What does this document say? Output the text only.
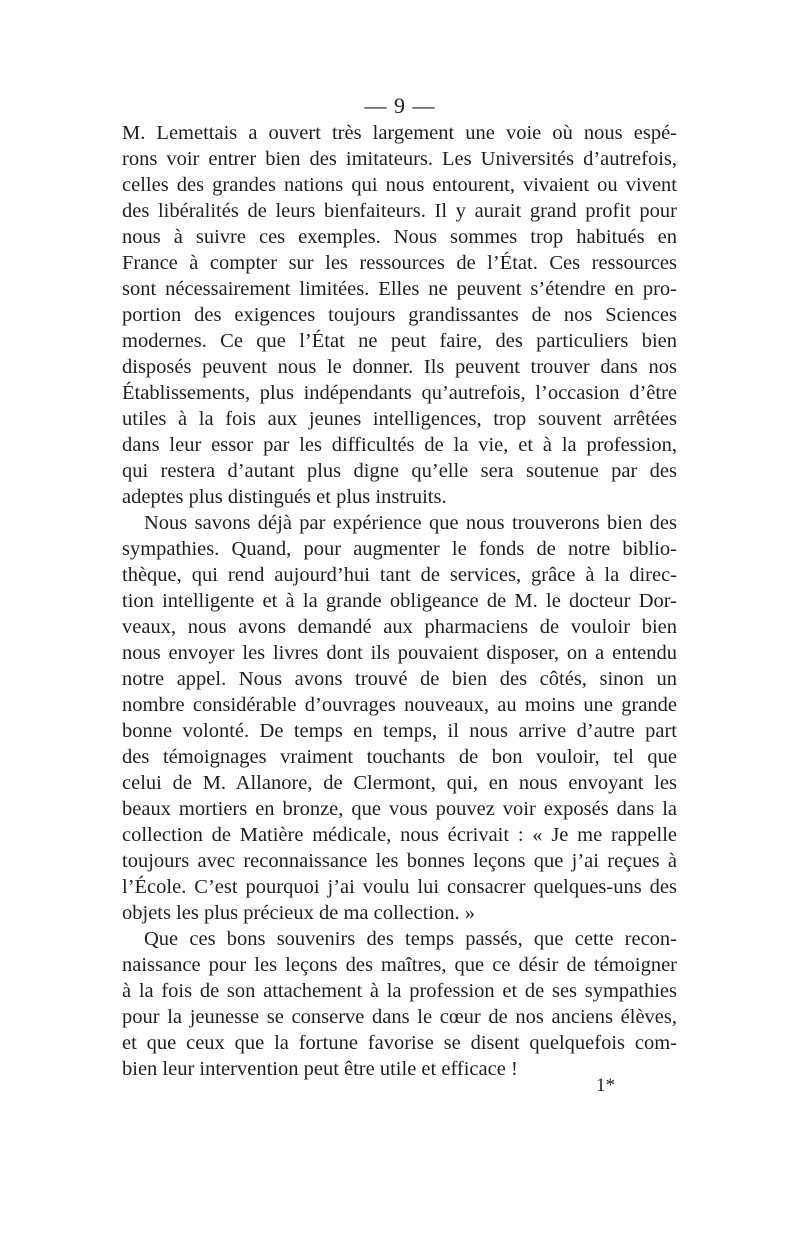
— 9 —
M. Lemettais a ouvert très largement une voie où nous espé-
rons voir entrer bien des imitateurs. Les Universités d’autrefois,
celles des grandes nations qui nous entourent, vivaient ou vivent
des libéralités de leurs bienfaiteurs. Il y aurait grand profit pour
nous à suivre ces exemples. Nous sommes trop habitués en
France à compter sur les ressources de l’État. Ces ressources
sont nécessairement limitées. Elles ne peuvent s’étendre en pro-
portion des exigences toujours grandissantes de nos Sciences
modernes. Ce que l’État ne peut faire, des particuliers bien
disposés peuvent nous le donner. Ils peuvent trouver dans nos
Établissements, plus indépendants qu’autrefois, l’occasion d’être
utiles à la fois aux jeunes intelligences, trop souvent arrêtées
dans leur essor par les difficultés de la vie, et à la profession,
qui restera d’autant plus digne qu’elle sera soutenue par des
adeptes plus distingués et plus instruits.
Nous savons déjà par expérience que nous trouverons bien des
sympathies. Quand, pour augmenter le fonds de notre biblio-
thèque, qui rend aujourd’hui tant de services, grâce à la direc-
tion intelligente et à la grande obligeance de M. le docteur Dor-
veaux, nous avons demandé aux pharmaciens de vouloir bien
nous envoyer les livres dont ils pouvaient disposer, on a entendu
notre appel. Nous avons trouvé de bien des côtés, sinon un
nombre considérable d’ouvrages nouveaux, au moins une grande
bonne volonté. De temps en temps, il nous arrive d’autre part
des témoignages vraiment touchants de bon vouloir, tel que
celui de M. Allanore, de Clermont, qui, en nous envoyant les
beaux mortiers en bronze, que vous pouvez voir exposés dans la
collection de Matière médicale, nous écrivait : « Je me rappelle
toujours avec reconnaissance les bonnes leçons que j’ai reçues à
l’École. C’est pourquoi j’ai voulu lui consacrer quelques-uns des
objets les plus précieux de ma collection. »
Que ces bons souvenirs des temps passés, que cette recon-
naissance pour les leçons des maîtres, que ce désir de témoigner
à la fois de son attachement à la profession et de ses sympathies
pour la jeunesse se conserve dans le cœur de nos anciens élèves,
et que ceux que la fortune favorise se disent quelquefois com-
bien leur intervention peut être utile et efficace !
1*
